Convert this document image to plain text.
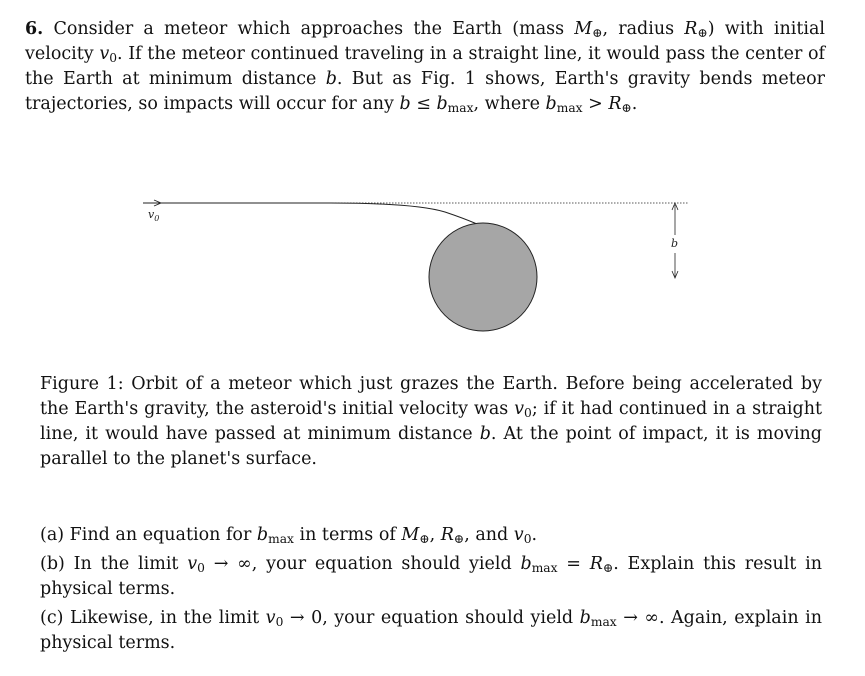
6. Consider a meteor which approaches the Earth (mass $M_\oplus$, radius $R_\oplus$) with initial velocity $v_0$. If the meteor continued traveling in a straight line, it would pass the center of the Earth at minimum distance b. But as Fig. 1 shows, Earth's gravity bends meteor trajectories, so impacts will occur for any $b \le b_{max}$, where $b_{max} > R_\oplus$.
$v_0$
b
Figure 1: Orbit of a meteor which just grazes the Earth. Before being accelerated by the Earth's gravity, the asteroid's initial velocity was $v_0$; if it had continued in a straight line, it would have passed at minimum distance b. At the point of impact, it is moving parallel to the planet's surface.
(a) Find an equation for $b_{max}$ in terms of $M_\oplus$, $R_\oplus$, and $v_0$.
(b) In the limit $v_0$ → ∞, your equation should yield $b_{max} = R_\oplus$. Explain this result in physical terms.
(c) Likewise, in the limit $v_0 \to 0$, your equation should yield $b_{max}$ → ∞. Again, explain in physical terms.
